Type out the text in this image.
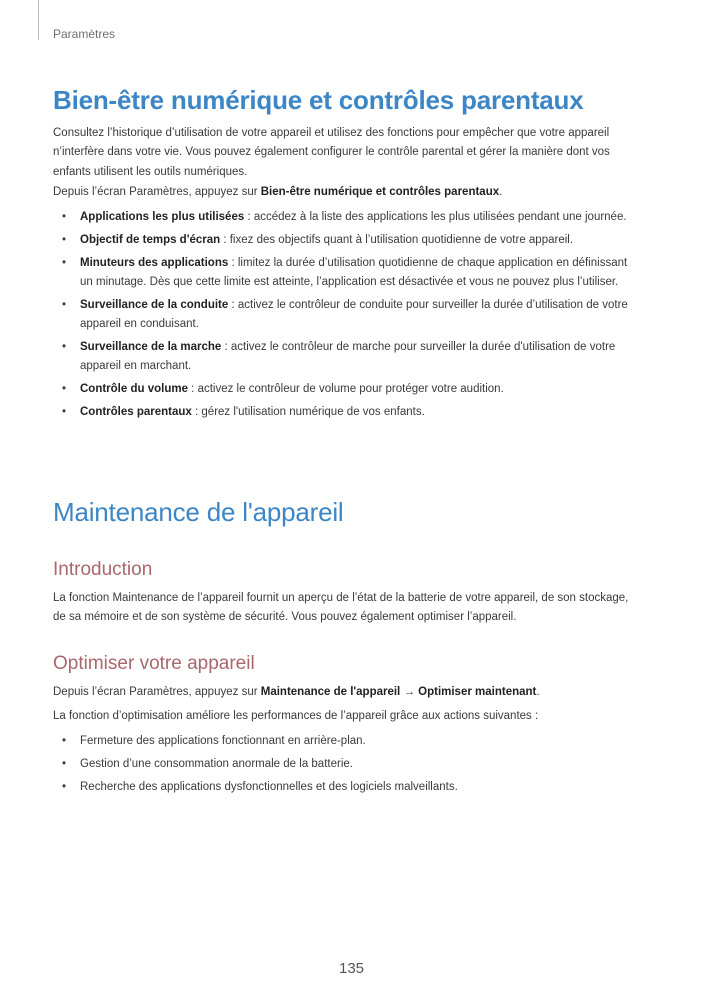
Paramètres
Bien-être numérique et contrôles parentaux

Consultez l’historique d’utilisation de votre appareil et utilisez des fonctions pour empêcher que votre appareil n’interfère dans votre vie. Vous pouvez également configurer le contrôle parental et gérer la manière dont vos enfants utilisent les outils numériques.

Depuis l’écran Paramètres, appuyez sur Bien-être numérique et contrôles parentaux.

• Applications les plus utilisées : accédez à la liste des applications les plus utilisées pendant une journée.
• Objectif de temps d'écran : fixez des objectifs quant à l’utilisation quotidienne de votre appareil.
• Minuteurs des applications : limitez la durée d’utilisation quotidienne de chaque application en définissant un minutage. Dès que cette limite est atteinte, l’application est désactivée et vous ne pouvez plus l’utiliser.
• Surveillance de la conduite : activez le contrôleur de conduite pour surveiller la durée d’utilisation de votre appareil en conduisant.
• Surveillance de la marche : activez le contrôleur de marche pour surveiller la durée d'utilisation de votre appareil en marchant.
• Contrôle du volume : activez le contrôleur de volume pour protéger votre audition.
• Contrôles parentaux : gérez l'utilisation numérique de vos enfants.
Maintenance de l'appareil
Introduction

La fonction Maintenance de l’appareil fournit un aperçu de l’état de la batterie de votre appareil, de son stockage, de sa mémoire et de son système de sécurité. Vous pouvez également optimiser l’appareil.

Optimiser votre appareil

Depuis l’écran Paramètres, appuyez sur Maintenance de l'appareil → Optimiser maintenant.

La fonction d’optimisation améliore les performances de l’appareil grâce aux actions suivantes :

• Fermeture des applications fonctionnant en arrière-plan.
• Gestion d’une consommation anormale de la batterie.
• Recherche des applications dysfonctionnelles et des logiciels malveillants.
135
